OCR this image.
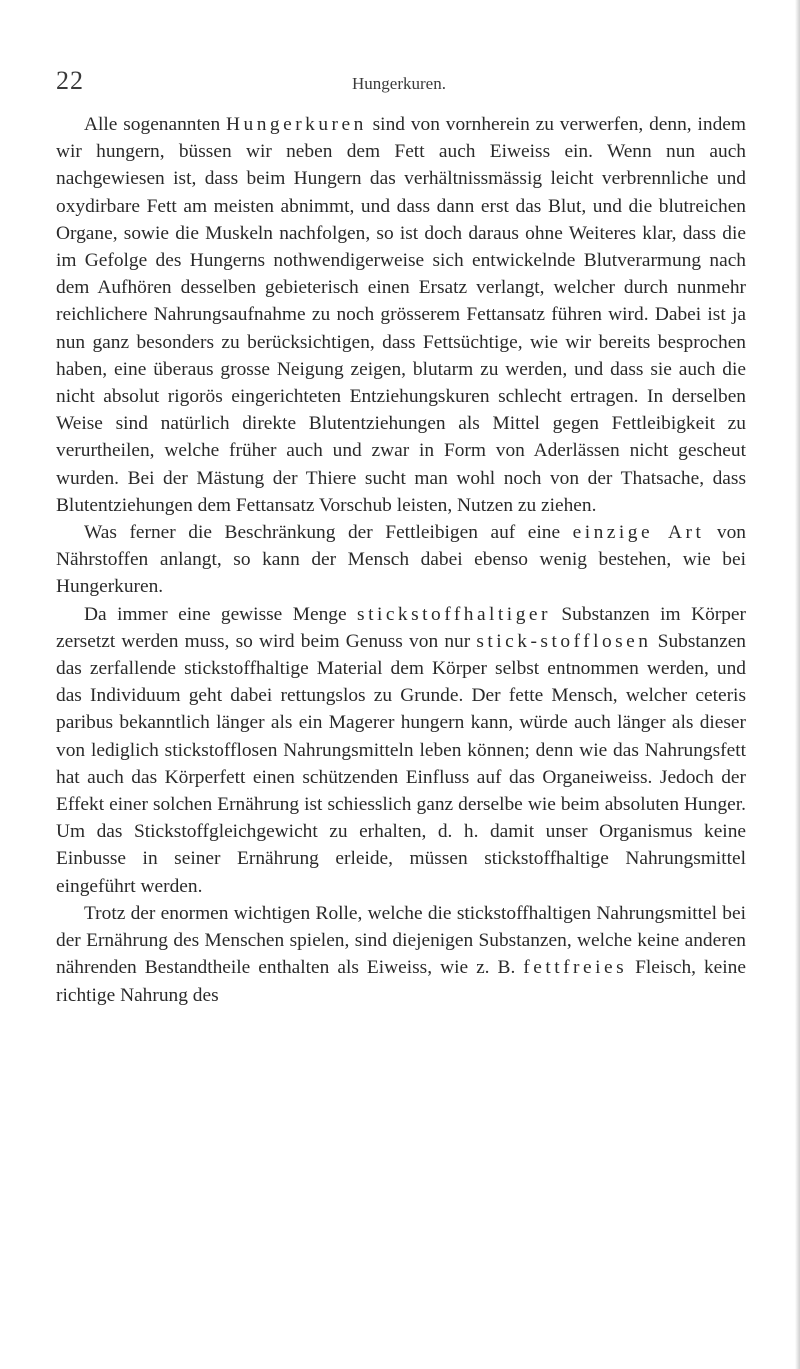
22	Hungerkuren.

Alle sogenannten Hungerkuren sind von vornherein zu verwerfen, denn, indem wir hungern, büssen wir neben dem Fett auch Eiweiss ein. Wenn nun auch nachgewiesen ist, dass beim Hungern das verhältnissmässig leicht verbrennliche und oxydirbare Fett am meisten abnimmt, und dass dann erst das Blut, und die blutreichen Organe, sowie die Muskeln nachfolgen, so ist doch daraus ohne Weiteres klar, dass die im Gefolge des Hungerns nothwendigerweise sich entwickelnde Blutverarmung nach dem Aufhören desselben gebieterisch einen Ersatz verlangt, welcher durch nunmehr reichlichere Nahrungsaufnahme zu noch grösserem Fettansatz führen wird. Dabei ist ja nun ganz besonders zu berücksichtigen, dass Fettsüchtige, wie wir bereits besprochen haben, eine überaus grosse Neigung zeigen, blutarm zu werden, und dass sie auch die nicht absolut rigorös eingerichteten Entziehungskuren schlecht ertragen. In derselben Weise sind natürlich direkte Blutentziehungen als Mittel gegen Fettleibigkeit zu verurtheilen, welche früher auch und zwar in Form von Aderlässen nicht gescheut wurden. Bei der Mästung der Thiere sucht man wohl noch von der Thatsache, dass Blutentziehungen dem Fettansatz Vorschub leisten, Nutzen zu ziehen.

Was ferner die Beschränkung der Fettleibigen auf eine einzige Art von Nährstoffen anlangt, so kann der Mensch dabei ebenso wenig bestehen, wie bei Hungerkuren.

Da immer eine gewisse Menge stickstoffhaltiger Substanzen im Körper zersetzt werden muss, so wird beim Genuss von nur stick-stofflosen Substanzen das zerfallende stickstoffhaltige Material dem Körper selbst entnommen werden, und das Individuum geht dabei rettungslos zu Grunde. Der fette Mensch, welcher ceteris paribus bekanntlich länger als ein Magerer hungern kann, würde auch länger als dieser von lediglich stickstofflosen Nahrungsmitteln leben können; denn wie das Nahrungsfett hat auch das Körperfett einen schützenden Einfluss auf das Organeiweiss. Jedoch der Effekt einer solchen Ernährung ist schiesslich ganz derselbe wie beim absoluten Hunger. Um das Stickstoffgleichgewicht zu erhalten, d. h. damit unser Organismus keine Einbusse in seiner Ernährung erleide, müssen stickstoffhaltige Nahrungsmittel eingeführt werden.

Trotz der enormen wichtigen Rolle, welche die stickstoffhaltigen Nahrungsmittel bei der Ernährung des Menschen spielen, sind diejenigen Substanzen, welche keine anderen nährenden Bestandtheile enthalten als Eiweiss, wie z. B. fettfreies Fleisch, keine richtige Nahrung des
